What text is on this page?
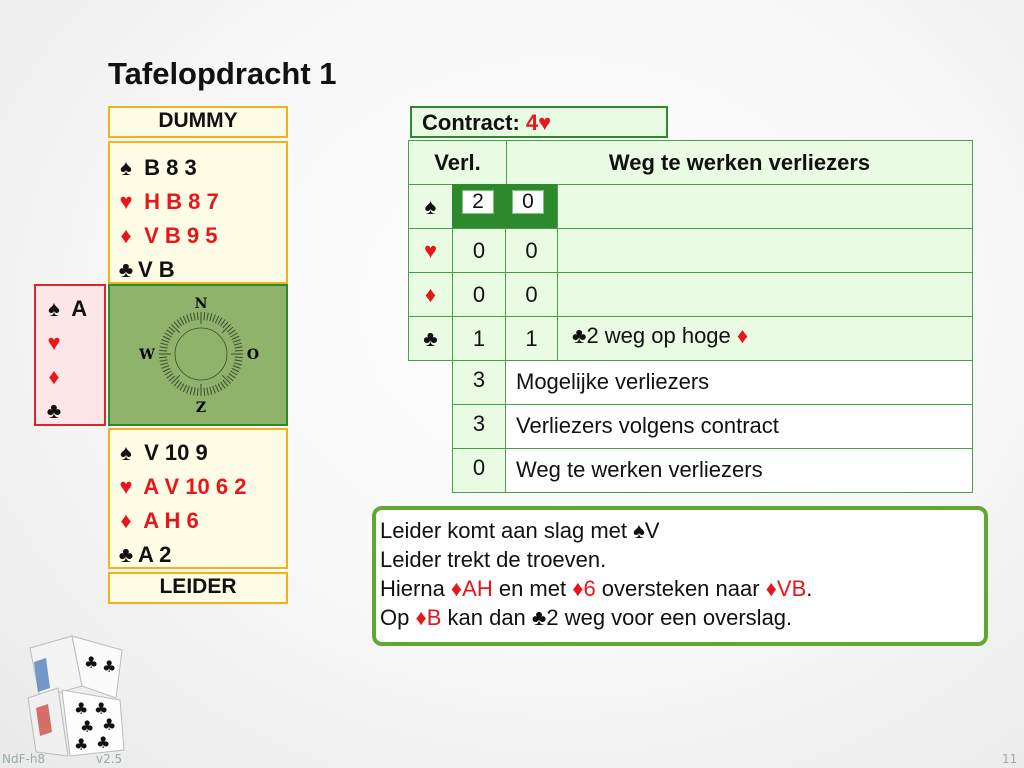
Tafelopdracht 1
DUMMY
♠ B 8 3
♥ H B 8 7
♦ V B 9 5
♣ V B
♠ A
♥
♦
♣
N
Z
W	O
♠ V 10 9
♥ A V 10 6 2
♦ A H 6
♣ A 2
LEIDER
Contract: 4♥
Verl.	Weg te werken verliezers
♠	2	0
♥	0	0
♦	0	0
♣	1	1	♣2 weg op hoge ♦
3	Mogelijke verliezers
3	Verliezers volgens contract
0	Weg te werken verliezers
Leider komt aan slag met ♠V
Leider trekt de troeven.
Hierna ♦AH en met ♦6 oversteken naar ♦VB.
Op ♦B kan dan ♣2 weg voor een overslag.
♣ ♣
♣ ♣
♣ ♣
♣ ♣
NdF-h8	v2.5	11
